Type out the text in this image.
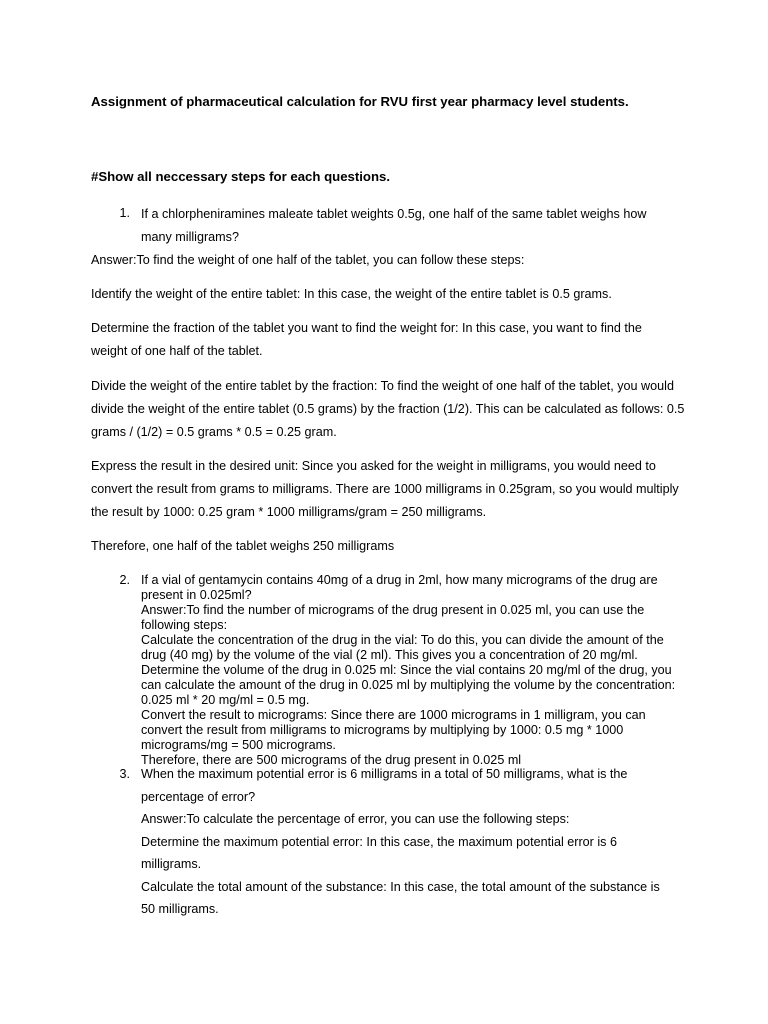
Assignment of pharmaceutical calculation for RVU first year pharmacy level students.

#Show all neccessary steps for each questions.

1. If a chlorpheniramines maleate tablet weights 0.5g, one half of the same tablet weighs how many milligrams?

Answer:To find the weight of one half of the tablet, you can follow these steps:

Identify the weight of the entire tablet: In this case, the weight of the entire tablet is 0.5 grams.

Determine the fraction of the tablet you want to find the weight for: In this case, you want to find the weight of one half of the tablet.

Divide the weight of the entire tablet by the fraction: To find the weight of one half of the tablet, you would divide the weight of the entire tablet (0.5 grams) by the fraction (1/2). This can be calculated as follows: 0.5 grams / (1/2) = 0.5 grams * 0.5 = 0.25 gram.

Express the result in the desired unit: Since you asked for the weight in milligrams, you would need to convert the result from grams to milligrams. There are 1000 milligrams in 0.25gram, so you would multiply the result by 1000: 0.25 gram * 1000 milligrams/gram = 250 milligrams.

Therefore, one half of the tablet weighs 250 milligrams

2. If a vial of gentamycin contains 40mg of a drug in 2ml, how many micrograms of the drug are present in 0.025ml?
Answer:To find the number of micrograms of the drug present in 0.025 ml, you can use the following steps:
Calculate the concentration of the drug in the vial: To do this, you can divide the amount of the drug (40 mg) by the volume of the vial (2 ml). This gives you a concentration of 20 mg/ml.
Determine the volume of the drug in 0.025 ml: Since the vial contains 20 mg/ml of the drug, you can calculate the amount of the drug in 0.025 ml by multiplying the volume by the concentration: 0.025 ml * 20 mg/ml = 0.5 mg.
Convert the result to micrograms: Since there are 1000 micrograms in 1 milligram, you can convert the result from milligrams to micrograms by multiplying by 1000: 0.5 mg * 1000 micrograms/mg = 500 micrograms.
Therefore, there are 500 micrograms of the drug present in 0.025 ml
3. When the maximum potential error is 6 milligrams in a total of 50 milligrams, what is the percentage of error?
Answer:To calculate the percentage of error, you can use the following steps:
Determine the maximum potential error: In this case, the maximum potential error is 6 milligrams.
Calculate the total amount of the substance: In this case, the total amount of the substance is 50 milligrams.
